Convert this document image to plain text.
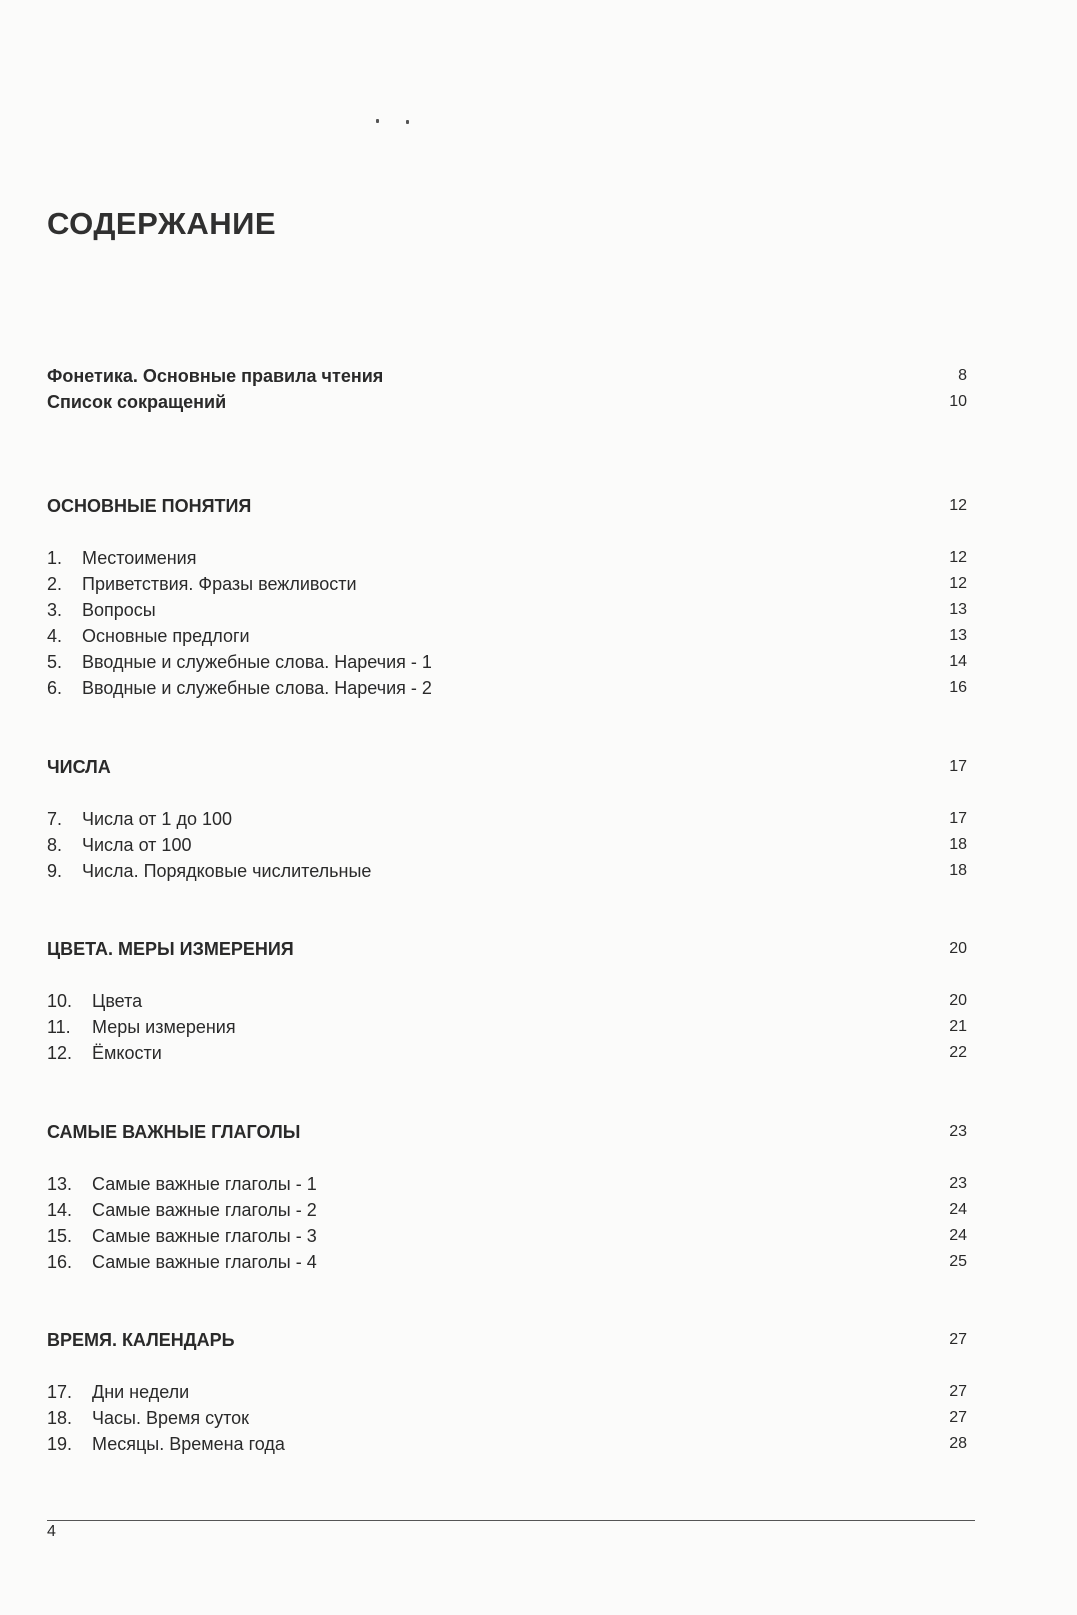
СОДЕРЖАНИЕ
Фонетика. Основные правила чтения	8
Список сокращений	10
ОСНОВНЫЕ ПОНЯТИЯ	12
1. Местоимения	12
2. Приветствия. Фразы вежливости	12
3. Вопросы	13
4. Основные предлоги	13
5. Вводные и служебные слова. Наречия - 1	14
6. Вводные и служебные слова. Наречия - 2	16
ЧИСЛА	17
7. Числа от 1 до 100	17
8. Числа от 100	18
9. Числа. Порядковые числительные	18
ЦВЕТА. МЕРЫ ИЗМЕРЕНИЯ	20
10. Цвета	20
11. Меры измерения	21
12. Ёмкости	22
САМЫЕ ВАЖНЫЕ ГЛАГОЛЫ	23
13. Самые важные глаголы - 1	23
14. Самые важные глаголы - 2	24
15. Самые важные глаголы - 3	24
16. Самые важные глаголы - 4	25
ВРЕМЯ. КАЛЕНДАРЬ	27
17. Дни недели	27
18. Часы. Время суток	27
19. Месяцы. Времена года	28
4
